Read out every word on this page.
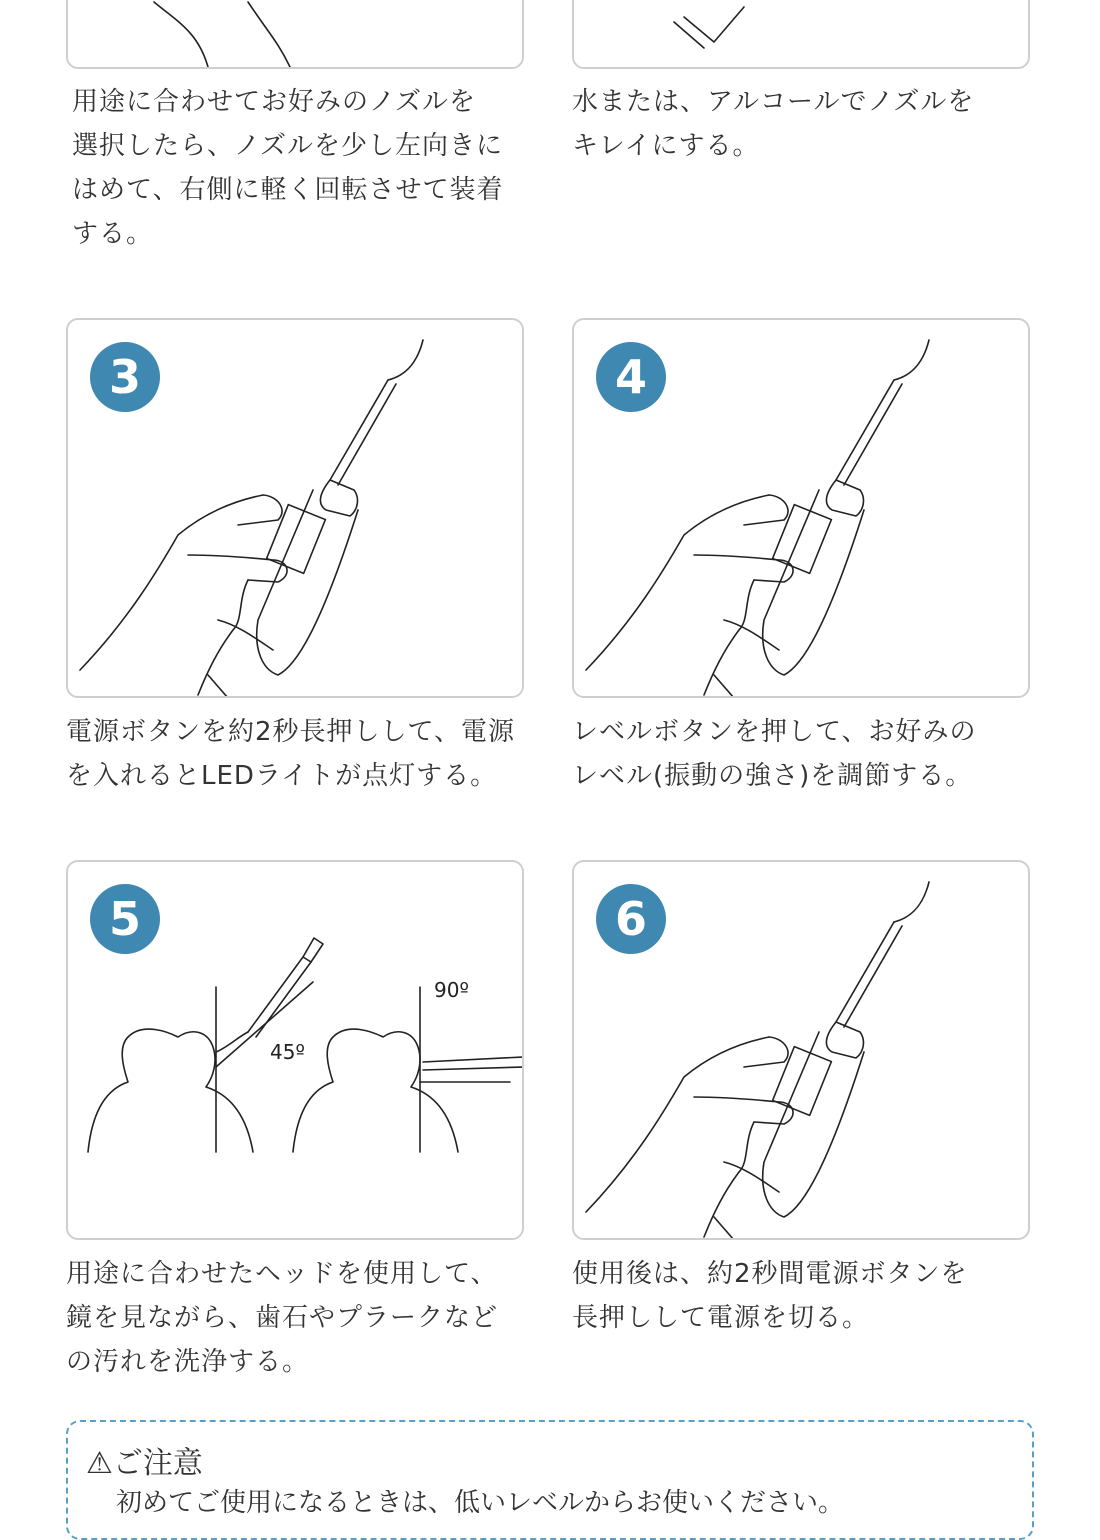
用途に合わせてお好みのノズルを
選択したら、ノズルを少し左向きに
はめて、右側に軽く回転させて装着
する。
水または、アルコールでノズルを
キレイにする。
3
電源ボタンを約2秒長押しして、電源
を入れるとLEDライトが点灯する。
4
レベルボタンを押して、お好みの
レベル(振動の強さ)を調節する。
45º
90º
5
用途に合わせたヘッドを使用して、
鏡を見ながら、歯石やプラークなど
の汚れを洗浄する。
6
使用後は、約2秒間電源ボタンを
長押しして電源を切る。
⚠ご注意
初めてご使用になるときは、低いレベルからお使いください。
